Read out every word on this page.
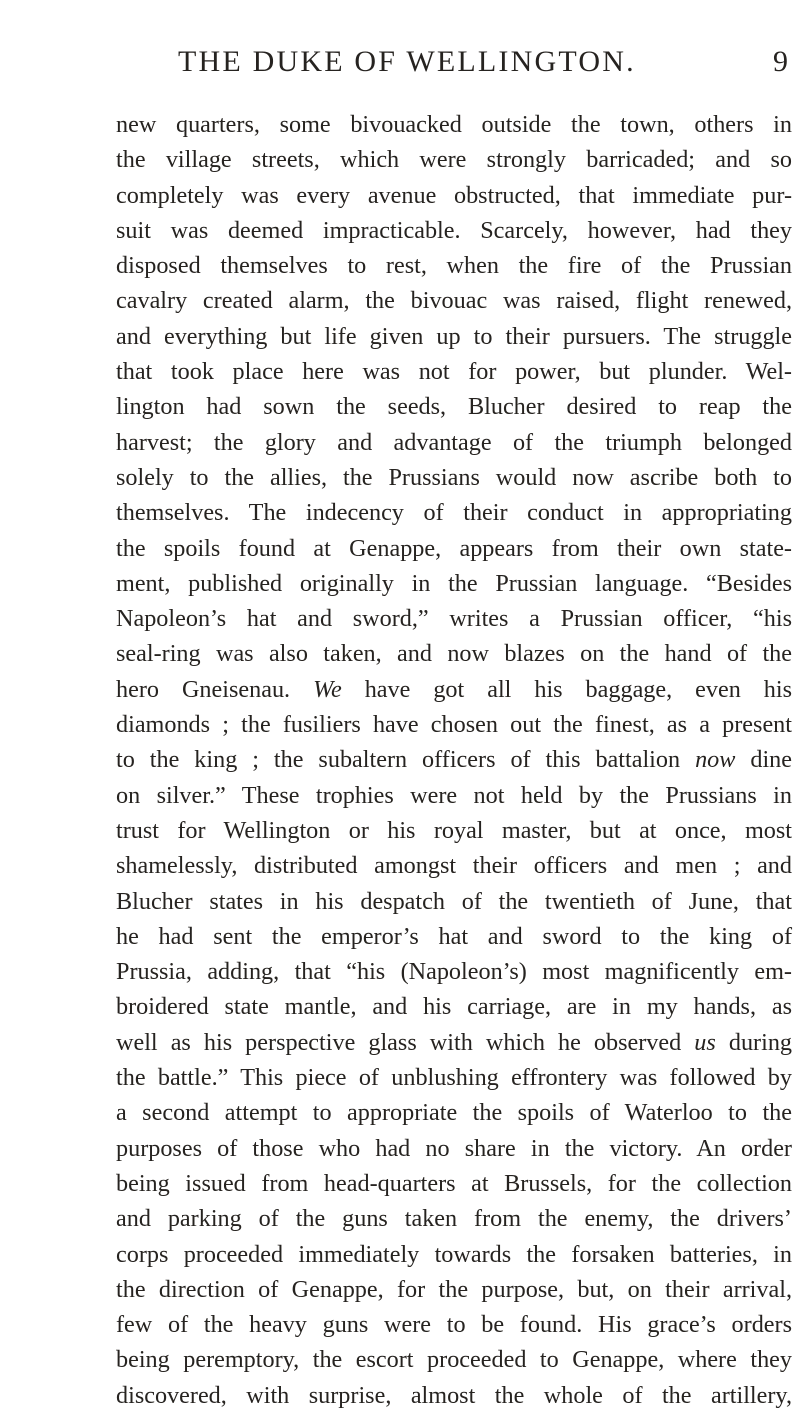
THE DUKE OF WELLINGTON.	9
new quarters, some bivouacked outside the town, others in
the village streets, which were strongly barricaded; and so
completely was every avenue obstructed, that immediate pur-
suit was deemed impracticable. Scarcely, however, had they
disposed themselves to rest, when the fire of the Prussian
cavalry created alarm, the bivouac was raised, flight renewed,
and everything but life given up to their pursuers. The struggle
that took place here was not for power, but plunder. Wel-
lington had sown the seeds, Blucher desired to reap the
harvest; the glory and advantage of the triumph belonged
solely to the allies, the Prussians would now ascribe both to
themselves. The indecency of their conduct in appropriating
the spoils found at Genappe, appears from their own state-
ment, published originally in the Prussian language. “Besides
Napoleon’s hat and sword,” writes a Prussian officer, “his
seal-ring was also taken, and now blazes on the hand of the
hero Gneisenau. We have got all his baggage, even his
diamonds ; the fusiliers have chosen out the finest, as a present
to the king ; the subaltern officers of this battalion now dine
on silver.” These trophies were not held by the Prussians in
trust for Wellington or his royal master, but at once, most
shamelessly, distributed amongst their officers and men ; and
Blucher states in his despatch of the twentieth of June, that
he had sent the emperor’s hat and sword to the king of
Prussia, adding, that “his (Napoleon’s) most magnificently em-
broidered state mantle, and his carriage, are in my hands, as
well as his perspective glass with which he observed us during
the battle.” This piece of unblushing effrontery was followed by
a second attempt to appropriate the spoils of Waterloo to the
purposes of those who had no share in the victory. An order
being issued from head-quarters at Brussels, for the collection
and parking of the guns taken from the enemy, the drivers’
corps proceeded immediately towards the forsaken batteries, in
the direction of Genappe, for the purpose, but, on their arrival,
few of the heavy guns were to be found. His grace’s orders
being peremptory, the escort proceeded to Genappe, where they
discovered, with surprise, almost the whole of the artillery,
